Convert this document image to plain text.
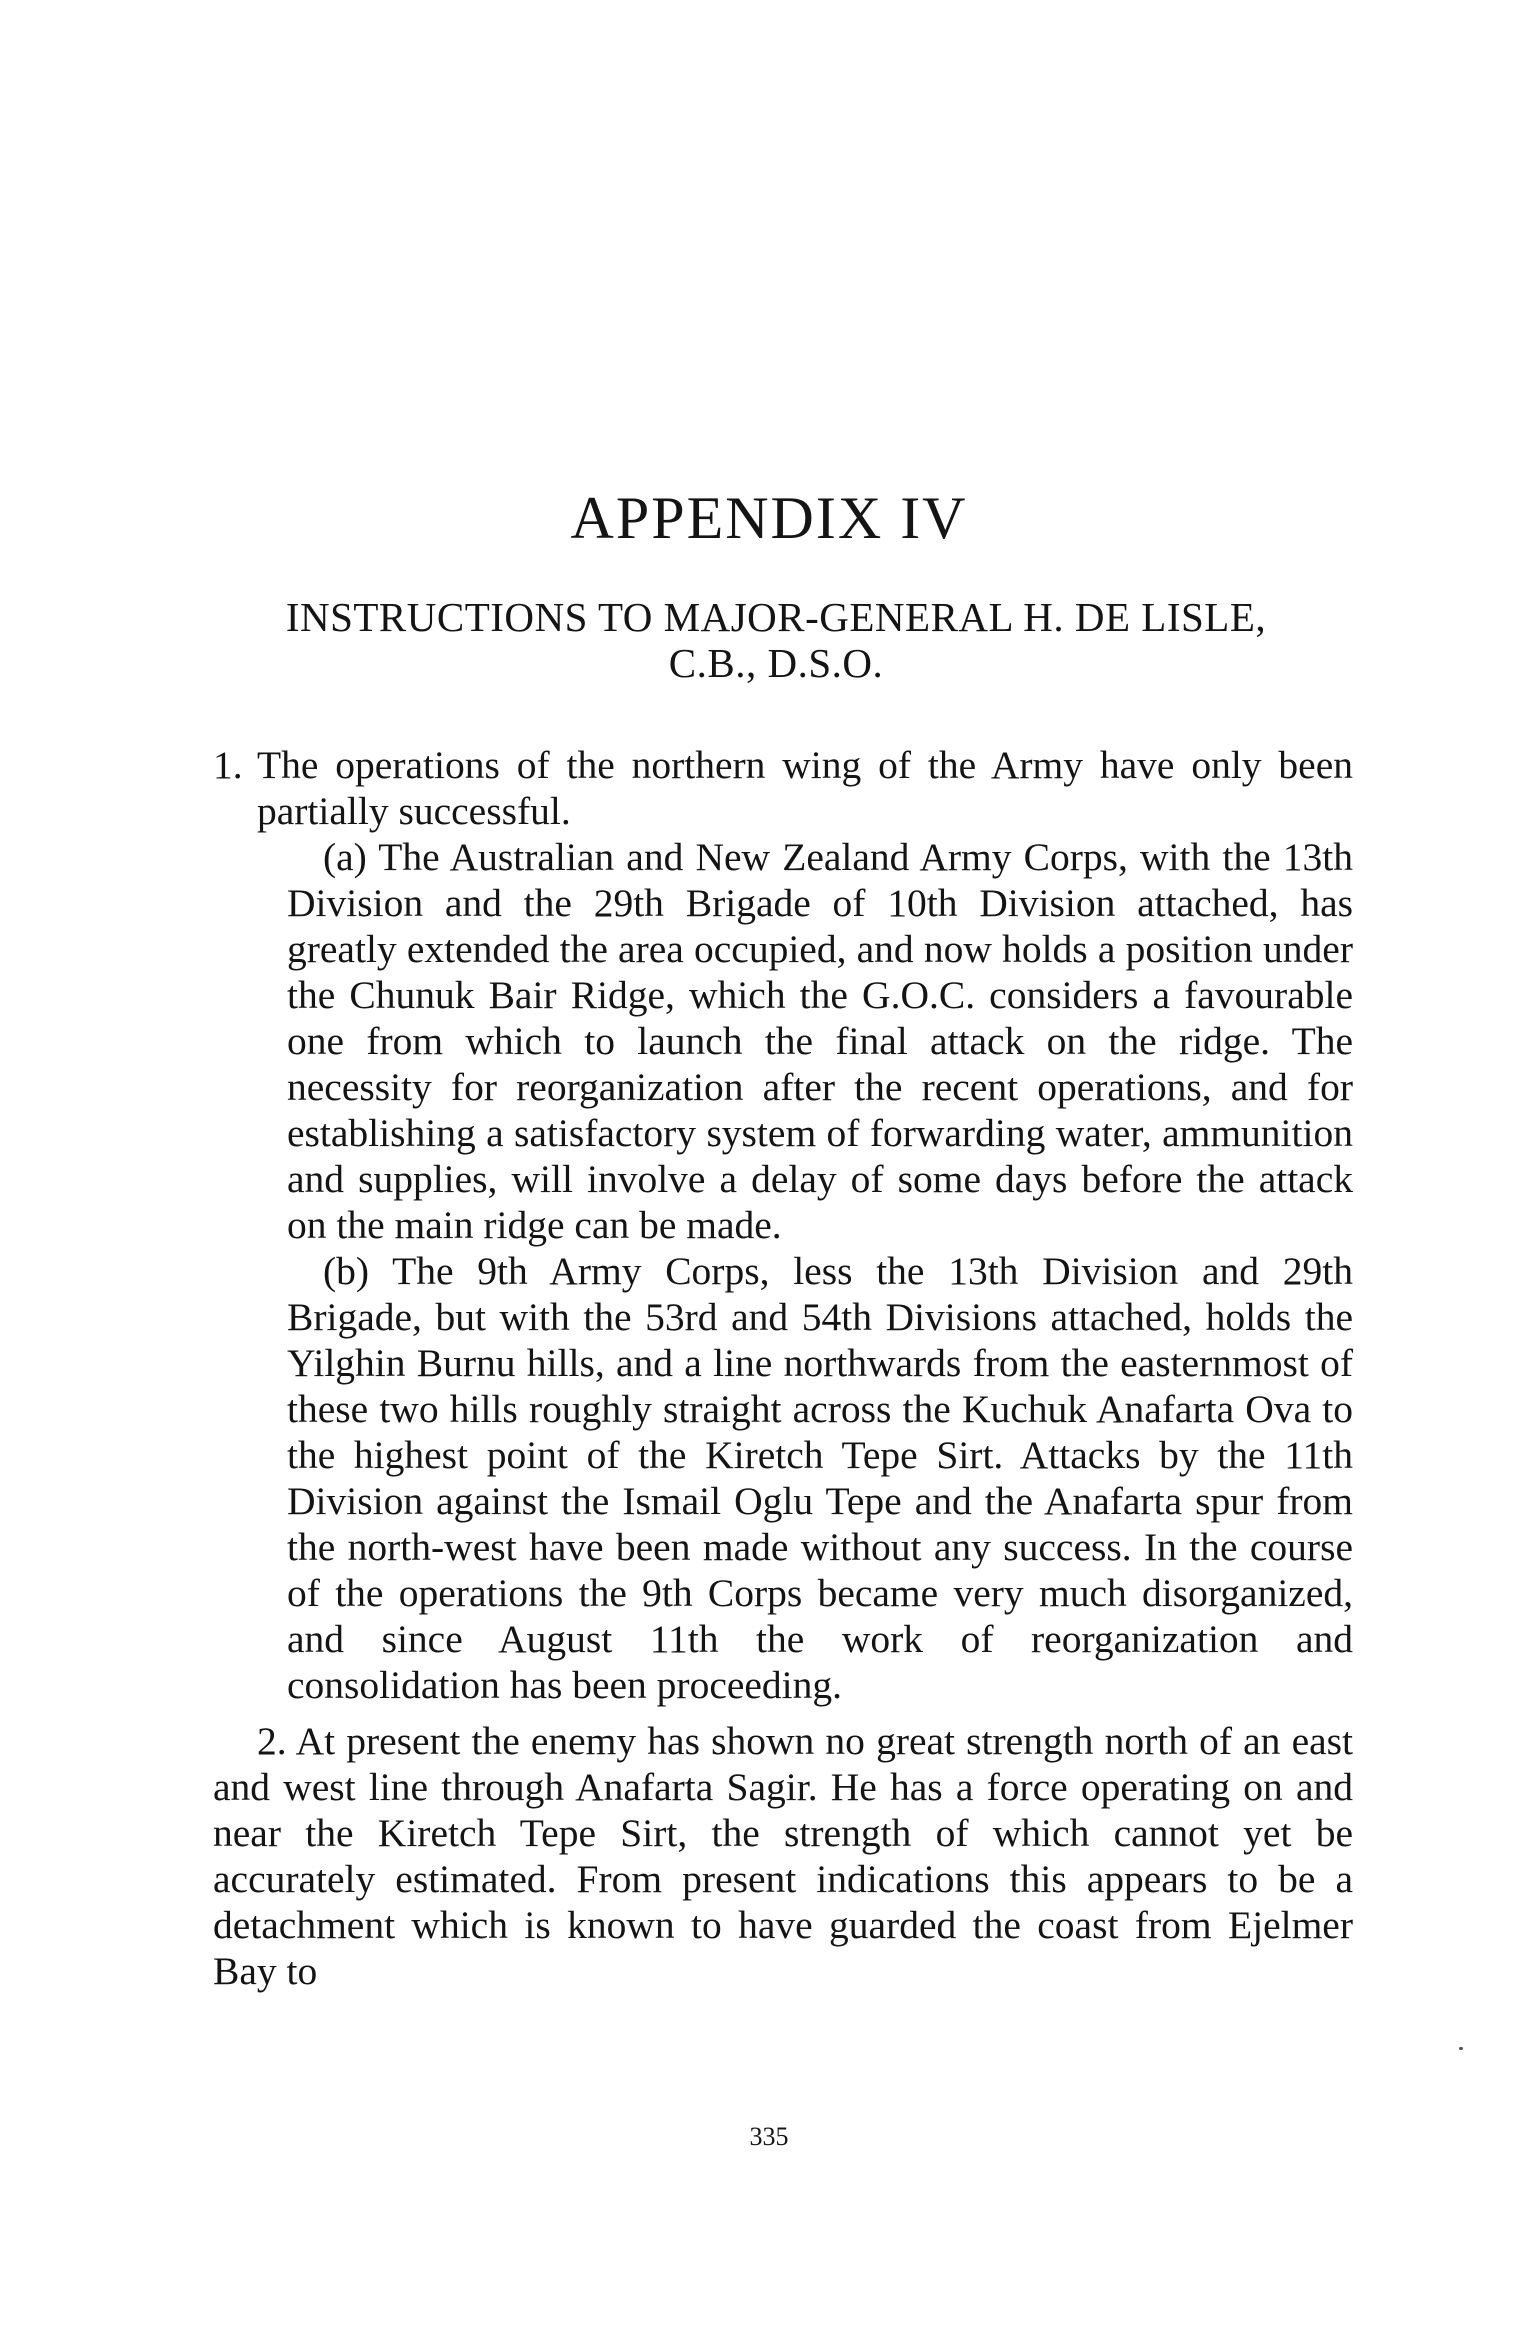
APPENDIX IV
INSTRUCTIONS TO MAJOR-GENERAL H. DE LISLE,
C.B., D.S.O.

1. The operations of the northern wing of the Army have only been partially successful.

(a) The Australian and New Zealand Army Corps, with the 13th Division and the 29th Brigade of 10th Division attached, has greatly extended the area occupied, and now holds a position under the Chunuk Bair Ridge, which the G.O.C. considers a favourable one from which to launch the final attack on the ridge. The necessity for reorganization after the recent operations, and for establishing a satisfactory system of forwarding water, ammunition and supplies, will involve a delay of some days before the attack on the main ridge can be made.

(b) The 9th Army Corps, less the 13th Division and 29th Brigade, but with the 53rd and 54th Divisions attached, holds the Yilghin Burnu hills, and a line northwards from the easternmost of these two hills roughly straight across the Kuchuk Anafarta Ova to the highest point of the Kiretch Tepe Sirt. Attacks by the 11th Division against the Ismail Oglu Tepe and the Anafarta spur from the north-west have been made without any success. In the course of the operations the 9th Corps became very much disorganized, and since August 11th the work of reorganization and consolidation has been proceeding.

2. At present the enemy has shown no great strength north of an east and west line through Anafarta Sagir. He has a force operating on and near the Kiretch Tepe Sirt, the strength of which cannot yet be accurately estimated. From present indications this appears to be a detachment which is known to have guarded the coast from Ejelmer Bay to

335
